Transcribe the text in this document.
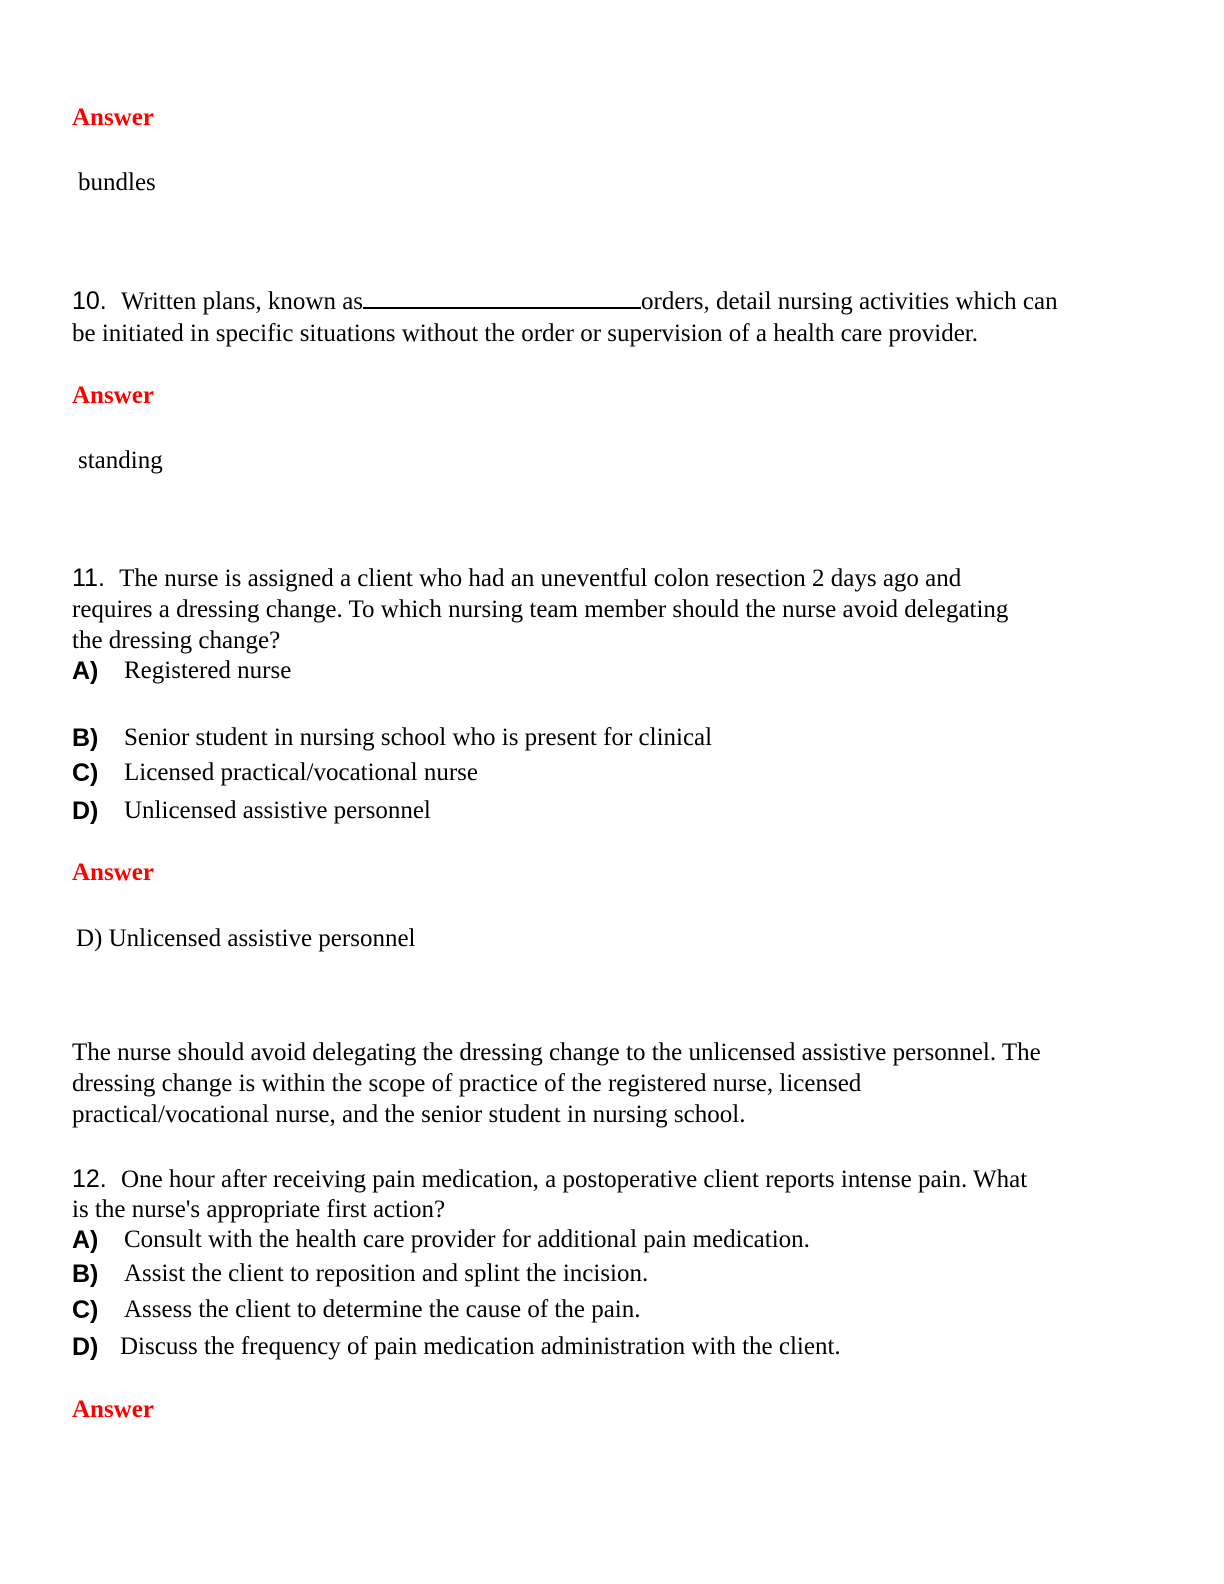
Answer
bundles
10. Written plans, known as	orders, detail nursing activities which can
be initiated in specific situations without the order or supervision of a health care provider.
Answer
standing
11. The nurse is assigned a client who had an uneventful colon resection 2 days ago and
requires a dressing change. To which nursing team member should the nurse avoid delegating
the dressing change?
A) Registered nurse
B) Senior student in nursing school who is present for clinical
C) Licensed practical/vocational nurse
D) Unlicensed assistive personnel
Answer
D) Unlicensed assistive personnel
The nurse should avoid delegating the dressing change to the unlicensed assistive personnel. The
dressing change is within the scope of practice of the registered nurse, licensed
practical/vocational nurse, and the senior student in nursing school.
12. One hour after receiving pain medication, a postoperative client reports intense pain. What
is the nurse's appropriate first action?
A) Consult with the health care provider for additional pain medication.
B) Assist the client to reposition and splint the incision.
C) Assess the client to determine the cause of the pain.
D) Discuss the frequency of pain medication administration with the client.
Answer
